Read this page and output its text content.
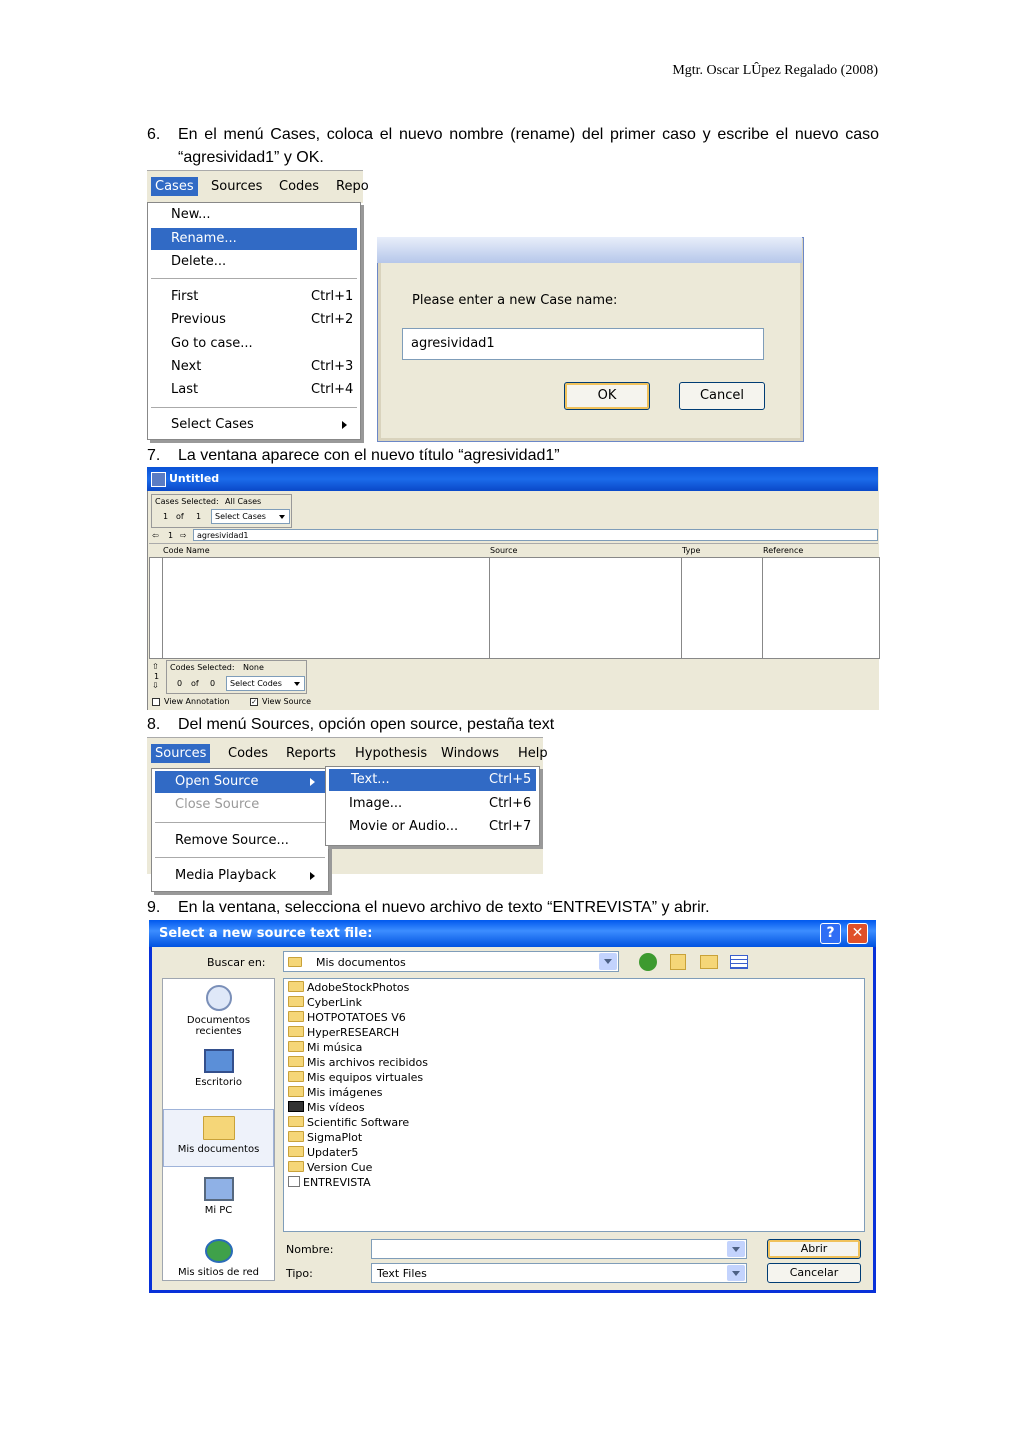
Mgtr. Oscar LÛpez Regalado (2008)
6.	En el menú Cases, coloca el nuevo nombre (rename) del primer caso y escribe el nuevo caso “agresividad1” y OK.
Cases	Sources	Codes	Repo
New...
Rename...
Delete...
First	Ctrl+1
Previous	Ctrl+2
Go to case...
Next	Ctrl+3
Last	Ctrl+4
Select Cases
Please enter a new Case name:
agresividad1
OK	Cancel
7.	La ventana aparece con el nuevo título “agresividad1”
Untitled
Cases Selected: All Cases
1 of 1 Select Cases
⇦ 1 ⇨ agresividad1
Code Name	Source	Type	Reference
⇧
1
⇩
Codes Selected: None
0 of 0 Select Codes
View Annotation	✓ View Source
8.	Del menú Sources, opción open source, pestaña text
Sources	Codes	Reports	Hypothesis	Windows	Help
Open Source
Close Source
Remove Source...
Media Playback
Text...	Ctrl+5
Image...	Ctrl+6
Movie or Audio... Ctrl+7
9.	En la ventana, selecciona el nuevo archivo de texto “ENTREVISTA” y abrir.
Select a new source text file:	?	✕
Buscar en:	Mis documentos
Documentos recientes
Escritorio
Mis documentos
Mi PC
Mis sitios de red
AdobeStockPhotos
CyberLink
HOTPOTATOES V6
HyperRESEARCH
Mi música
Mis archivos recibidos
Mis equipos virtuales
Mis imágenes
Mis vídeos
Scientific Software
SigmaPlot
Updater5
Version Cue
ENTREVISTA
Nombre:
Tipo:	Text Files
Abrir
Cancelar
